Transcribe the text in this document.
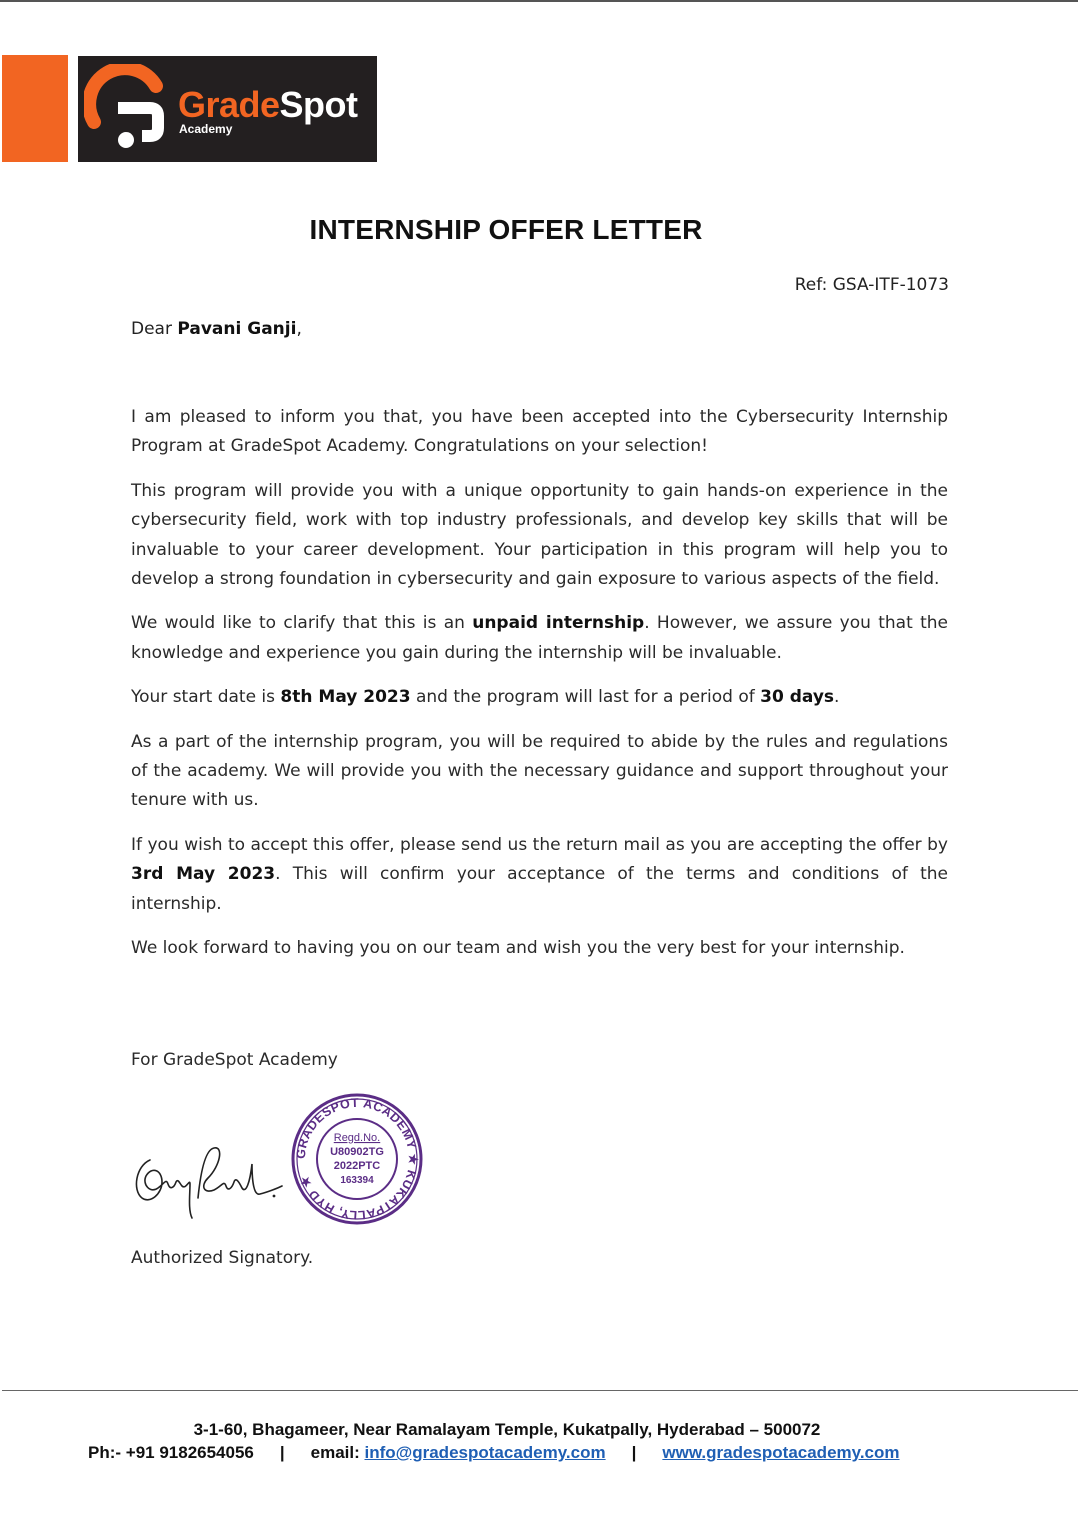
GradeSpot
Academy
INTERNSHIP OFFER LETTER
Ref: GSA-ITF-1073
Dear Pavani Ganji,

I am pleased to inform you that, you have been accepted into the Cybersecurity Internship Program at GradeSpot Academy. Congratulations on your selection!

This program will provide you with a unique opportunity to gain hands-on experience in the cybersecurity field, work with top industry professionals, and develop key skills that will be invaluable to your career development. Your participation in this program will help you to develop a strong foundation in cybersecurity and gain exposure to various aspects of the field.

We would like to clarify that this is an unpaid internship. However, we assure you that the knowledge and experience you gain during the internship will be invaluable.

Your start date is 8th May 2023 and the program will last for a period of 30 days.

As a part of the internship program, you will be required to abide by the rules and regulations of the academy. We will provide you with the necessary guidance and support throughout your tenure with us.

If you wish to accept this offer, please send us the return mail as you are accepting the offer by 3rd May 2023. This will confirm your acceptance of the terms and conditions of the internship.

We look forward to having you on our team and wish you the very best for your internship.

For GradeSpot Academy
GRADESPOT ACADEMY ★ KUKATPALLY, HYD ★
Regd.No.
U80902TG
2022PTC
163394
Authorized Signatory.
3-1-60, Bhagameer, Near Ramalayam Temple, Kukatpally, Hyderabad – 500072
Ph:- +91 9182654056 | email: info@gradespotacademy.com | www.gradespotacademy.com
